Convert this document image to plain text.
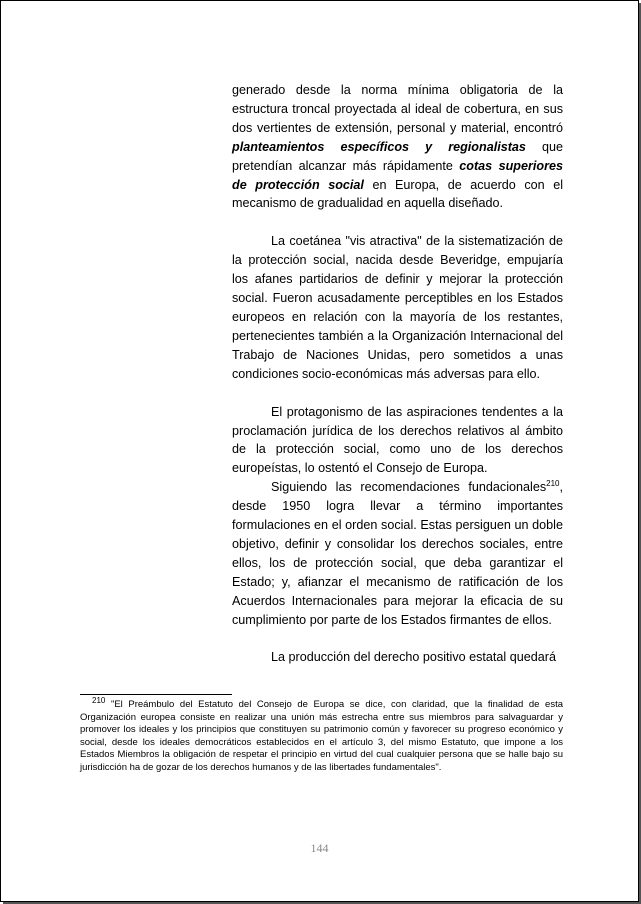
generado desde la norma mínima obligatoria de la estructura troncal proyectada al ideal de cobertura, en sus dos vertientes de extensión, personal y material, encontró planteamientos específicos y regionalistas que pretendían alcanzar más rápidamente cotas superiores de protección social en Europa, de acuerdo con el mecanismo de gradualidad en aquella diseñado.

La coetánea "vis atractiva" de la sistematización de la protección social, nacida desde Beveridge, empujaría los afanes partidarios de definir y mejorar la protección social. Fueron acusadamente perceptibles en los Estados europeos en relación con la mayoría de los restantes, pertenecientes también a la Organización Internacional del Trabajo de Naciones Unidas, pero sometidos a unas condiciones socio-económicas más adversas para ello.

El protagonismo de las aspiraciones tendentes a la proclamación jurídica de los derechos relativos al ámbito de la protección social, como uno de los derechos europeístas, lo ostentó el Consejo de Europa.

Siguiendo las recomendaciones fundacionales$^{210}$, desde 1950 logra llevar a término importantes formulaciones en el orden social. Estas persiguen un doble objetivo, definir y consolidar los derechos sociales, entre ellos, los de protección social, que deba garantizar el Estado; y, afianzar el mecanismo de ratificación de los Acuerdos Internacionales para mejorar la eficacia de su cumplimiento por parte de los Estados firmantes de ellos.

La producción del derecho positivo estatal quedará

$^{210}$ "El Preámbulo del Estatuto del Consejo de Europa se dice, con claridad, que la finalidad de esta Organización europea consiste en realizar una unión más estrecha entre sus miembros para salvaguardar y promover los ideales y los principios que constituyen su patrimonio común y favorecer su progreso económico y social, desde los ideales democráticos establecidos en el artículo 3, del mismo Estatuto, que impone a los Estados Miembros la obligación de respetar el principio en virtud del cual cualquier persona que se halle bajo su jurisdicción ha de gozar de los derechos humanos y de las libertades fundamentales".

144
